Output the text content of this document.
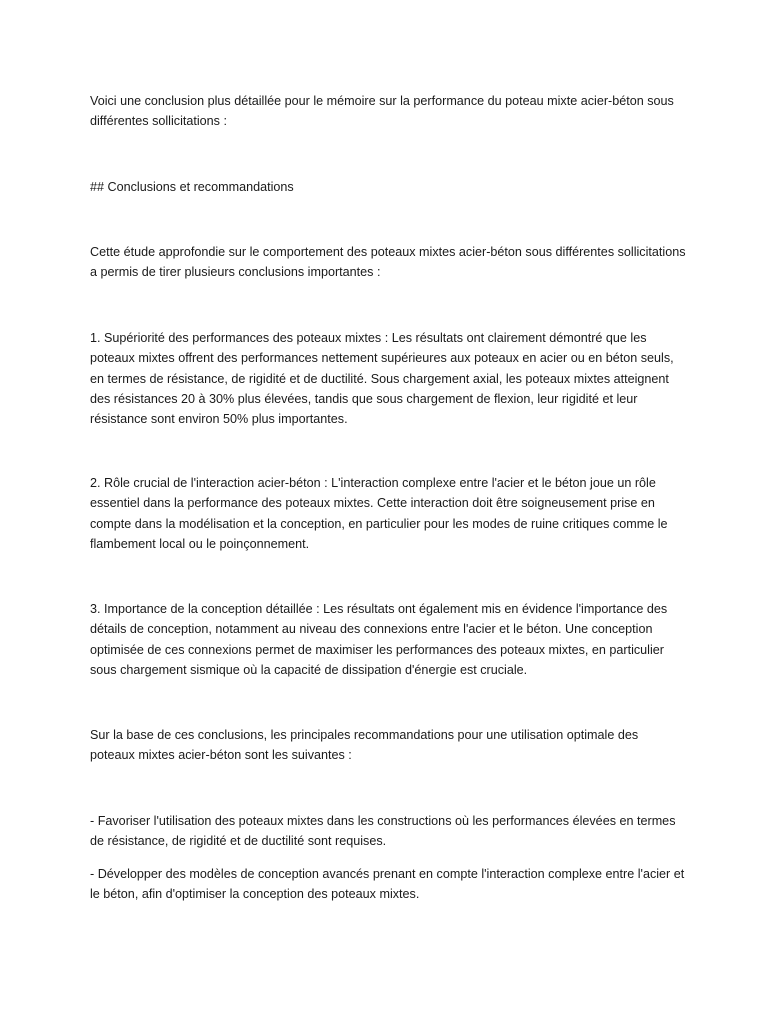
Voici une conclusion plus détaillée pour le mémoire sur la performance du poteau mixte acier-béton sous différentes sollicitations :

## Conclusions et recommandations

Cette étude approfondie sur le comportement des poteaux mixtes acier-béton sous différentes sollicitations a permis de tirer plusieurs conclusions importantes :

1. Supériorité des performances des poteaux mixtes : Les résultats ont clairement démontré que les poteaux mixtes offrent des performances nettement supérieures aux poteaux en acier ou en béton seuls, en termes de résistance, de rigidité et de ductilité. Sous chargement axial, les poteaux mixtes atteignent des résistances 20 à 30% plus élevées, tandis que sous chargement de flexion, leur rigidité et leur résistance sont environ 50% plus importantes.

2. Rôle crucial de l'interaction acier-béton : L'interaction complexe entre l'acier et le béton joue un rôle essentiel dans la performance des poteaux mixtes. Cette interaction doit être soigneusement prise en compte dans la modélisation et la conception, en particulier pour les modes de ruine critiques comme le flambement local ou le poinçonnement.

3. Importance de la conception détaillée : Les résultats ont également mis en évidence l'importance des détails de conception, notamment au niveau des connexions entre l'acier et le béton. Une conception optimisée de ces connexions permet de maximiser les performances des poteaux mixtes, en particulier sous chargement sismique où la capacité de dissipation d'énergie est cruciale.

Sur la base de ces conclusions, les principales recommandations pour une utilisation optimale des poteaux mixtes acier-béton sont les suivantes :

- Favoriser l'utilisation des poteaux mixtes dans les constructions où les performances élevées en termes de résistance, de rigidité et de ductilité sont requises.

- Développer des modèles de conception avancés prenant en compte l'interaction complexe entre l'acier et le béton, afin d'optimiser la conception des poteaux mixtes.
